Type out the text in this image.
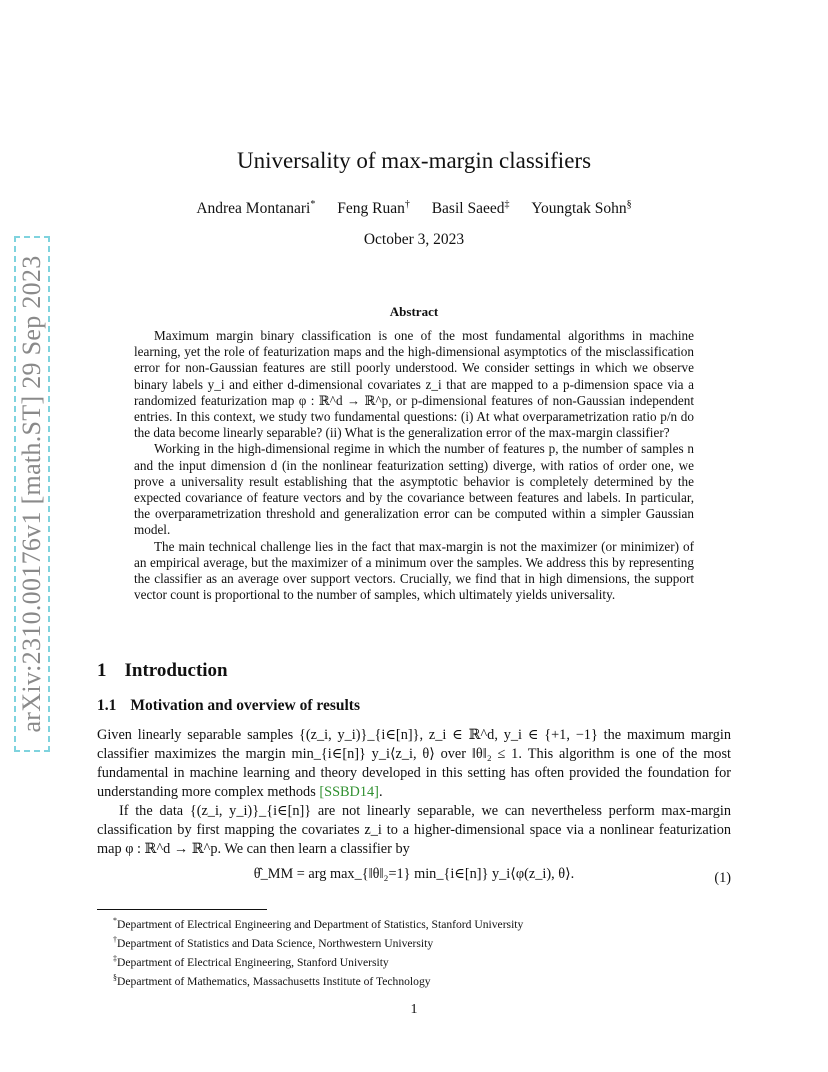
arXiv:2310.00176v1 [math.ST] 29 Sep 2023
Universality of max-margin classifiers
Andrea Montanari* Feng Ruan† Basil Saeed‡ Youngtak Sohn§
October 3, 2023
Abstract

Maximum margin binary classification is one of the most fundamental algorithms in machine learning, yet the role of featurization maps and the high-dimensional asymptotics of the misclassification error for non-Gaussian features are still poorly understood. We consider settings in which we observe binary labels y_i and either d-dimensional covariates z_i that are mapped to a p-dimension space via a randomized featurization map φ : ℝ^d → ℝ^p, or p-dimensional features of non-Gaussian independent entries. In this context, we study two fundamental questions: (i) At what overparametrization ratio p/n do the data become linearly separable? (ii) What is the generalization error of the max-margin classifier?

Working in the high-dimensional regime in which the number of features p, the number of samples n and the input dimension d (in the nonlinear featurization setting) diverge, with ratios of order one, we prove a universality result establishing that the asymptotic behavior is completely determined by the expected covariance of feature vectors and by the covariance between features and labels. In particular, the overparametrization threshold and generalization error can be computed within a simpler Gaussian model.

The main technical challenge lies in the fact that max-margin is not the maximizer (or minimizer) of an empirical average, but the maximizer of a minimum over the samples. We address this by representing the classifier as an average over support vectors. Crucially, we find that in high dimensions, the support vector count is proportional to the number of samples, which ultimately yields universality.

1 Introduction
1.1 Motivation and overview of results

Given linearly separable samples {(z_i, y_i)}_{i∈[n]}, z_i ∈ ℝ^d, y_i ∈ {+1, −1} the maximum margin classifier maximizes the margin min_{i∈[n]} y_i⟨z_i, θ⟩ over ‖θ‖₂ ≤ 1. This algorithm is one of the most fundamental in machine learning and theory developed in this setting has often provided the foundation for understanding more complex methods [SSBD14].

If the data {(z_i, y_i)}_{i∈[n]} are not linearly separable, we can nevertheless perform max-margin classification by first mapping the covariates z_i to a higher-dimensional space via a nonlinear featurization map φ : ℝ^d → ℝ^p. We can then learn a classifier by

θ̂_MM = arg max_{‖θ‖₂=1} min_{i∈[n]} y_i⟨φ(z_i), θ⟩.	(1)
*Department of Electrical Engineering and Department of Statistics, Stanford University
†Department of Statistics and Data Science, Northwestern University
‡Department of Electrical Engineering, Stanford University
§Department of Mathematics, Massachusetts Institute of Technology
1
